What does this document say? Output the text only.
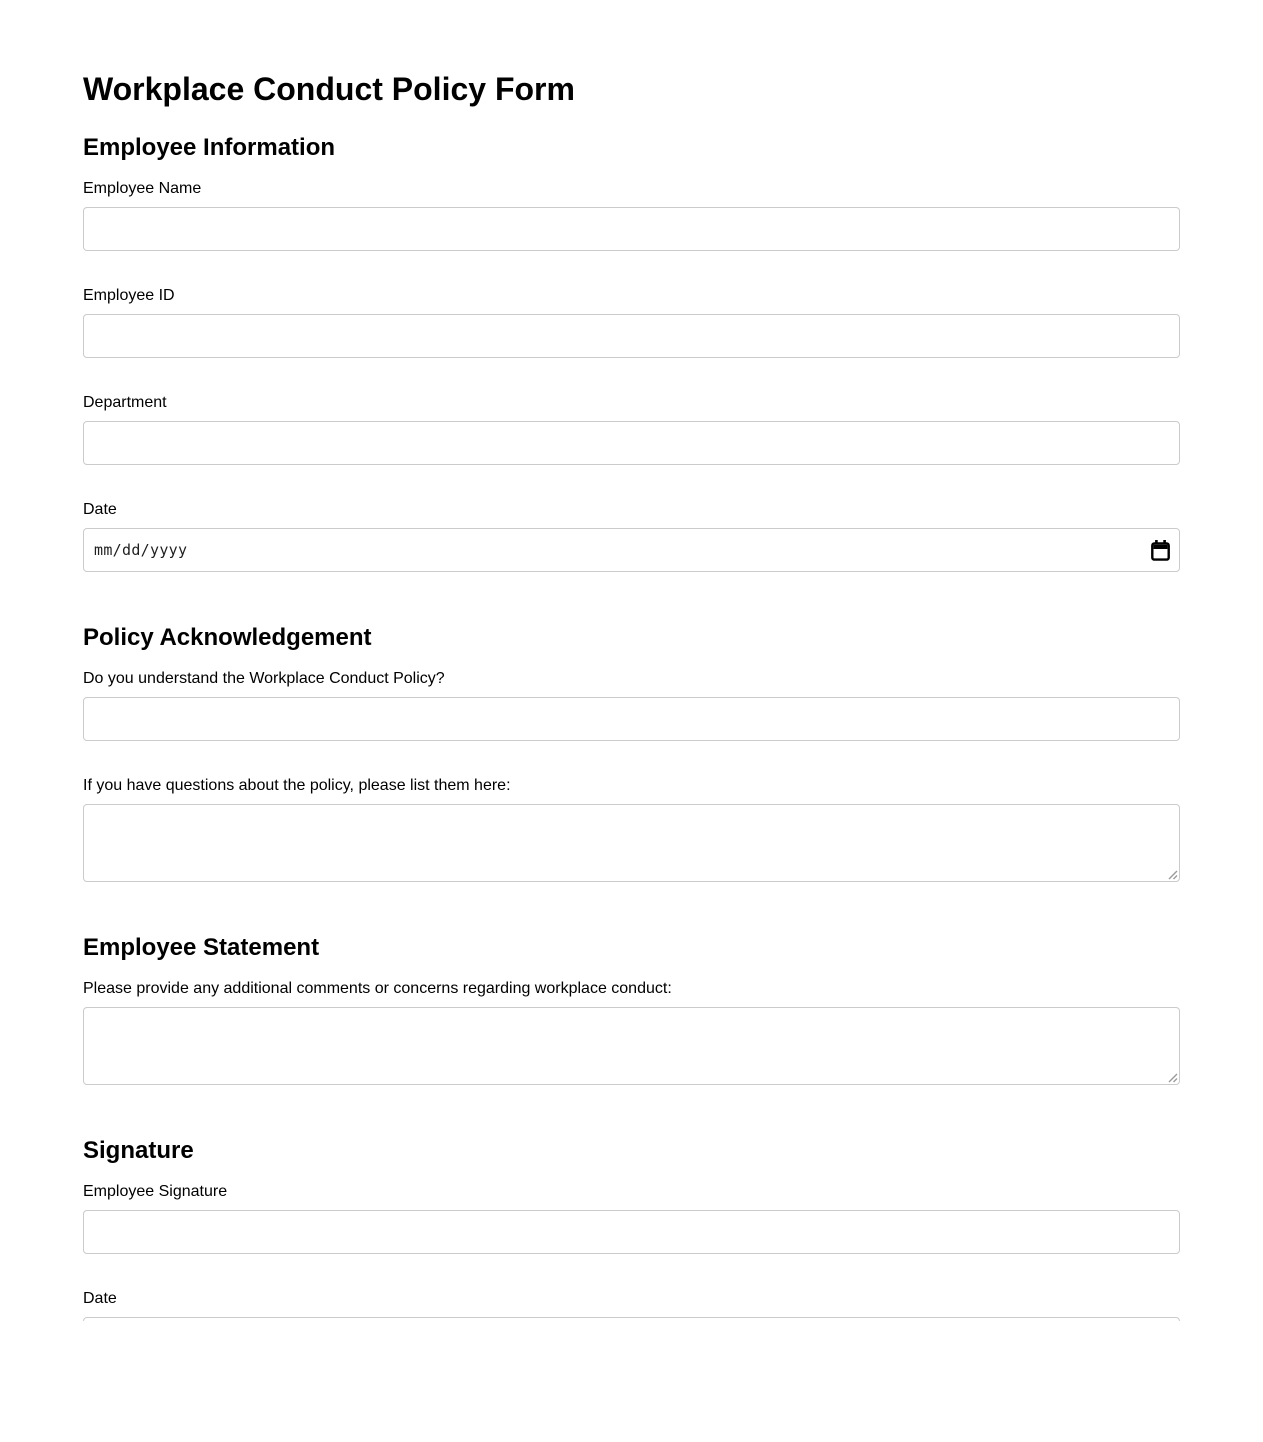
Workplace Conduct Policy Form
Employee Information
Employee Name
Employee ID
Department
Date
mm/dd/yyyy
Policy Acknowledgement
Do you understand the Workplace Conduct Policy?
If you have questions about the policy, please list them here:
Employee Statement
Please provide any additional comments or concerns regarding workplace conduct:
Signature
Employee Signature
Date
